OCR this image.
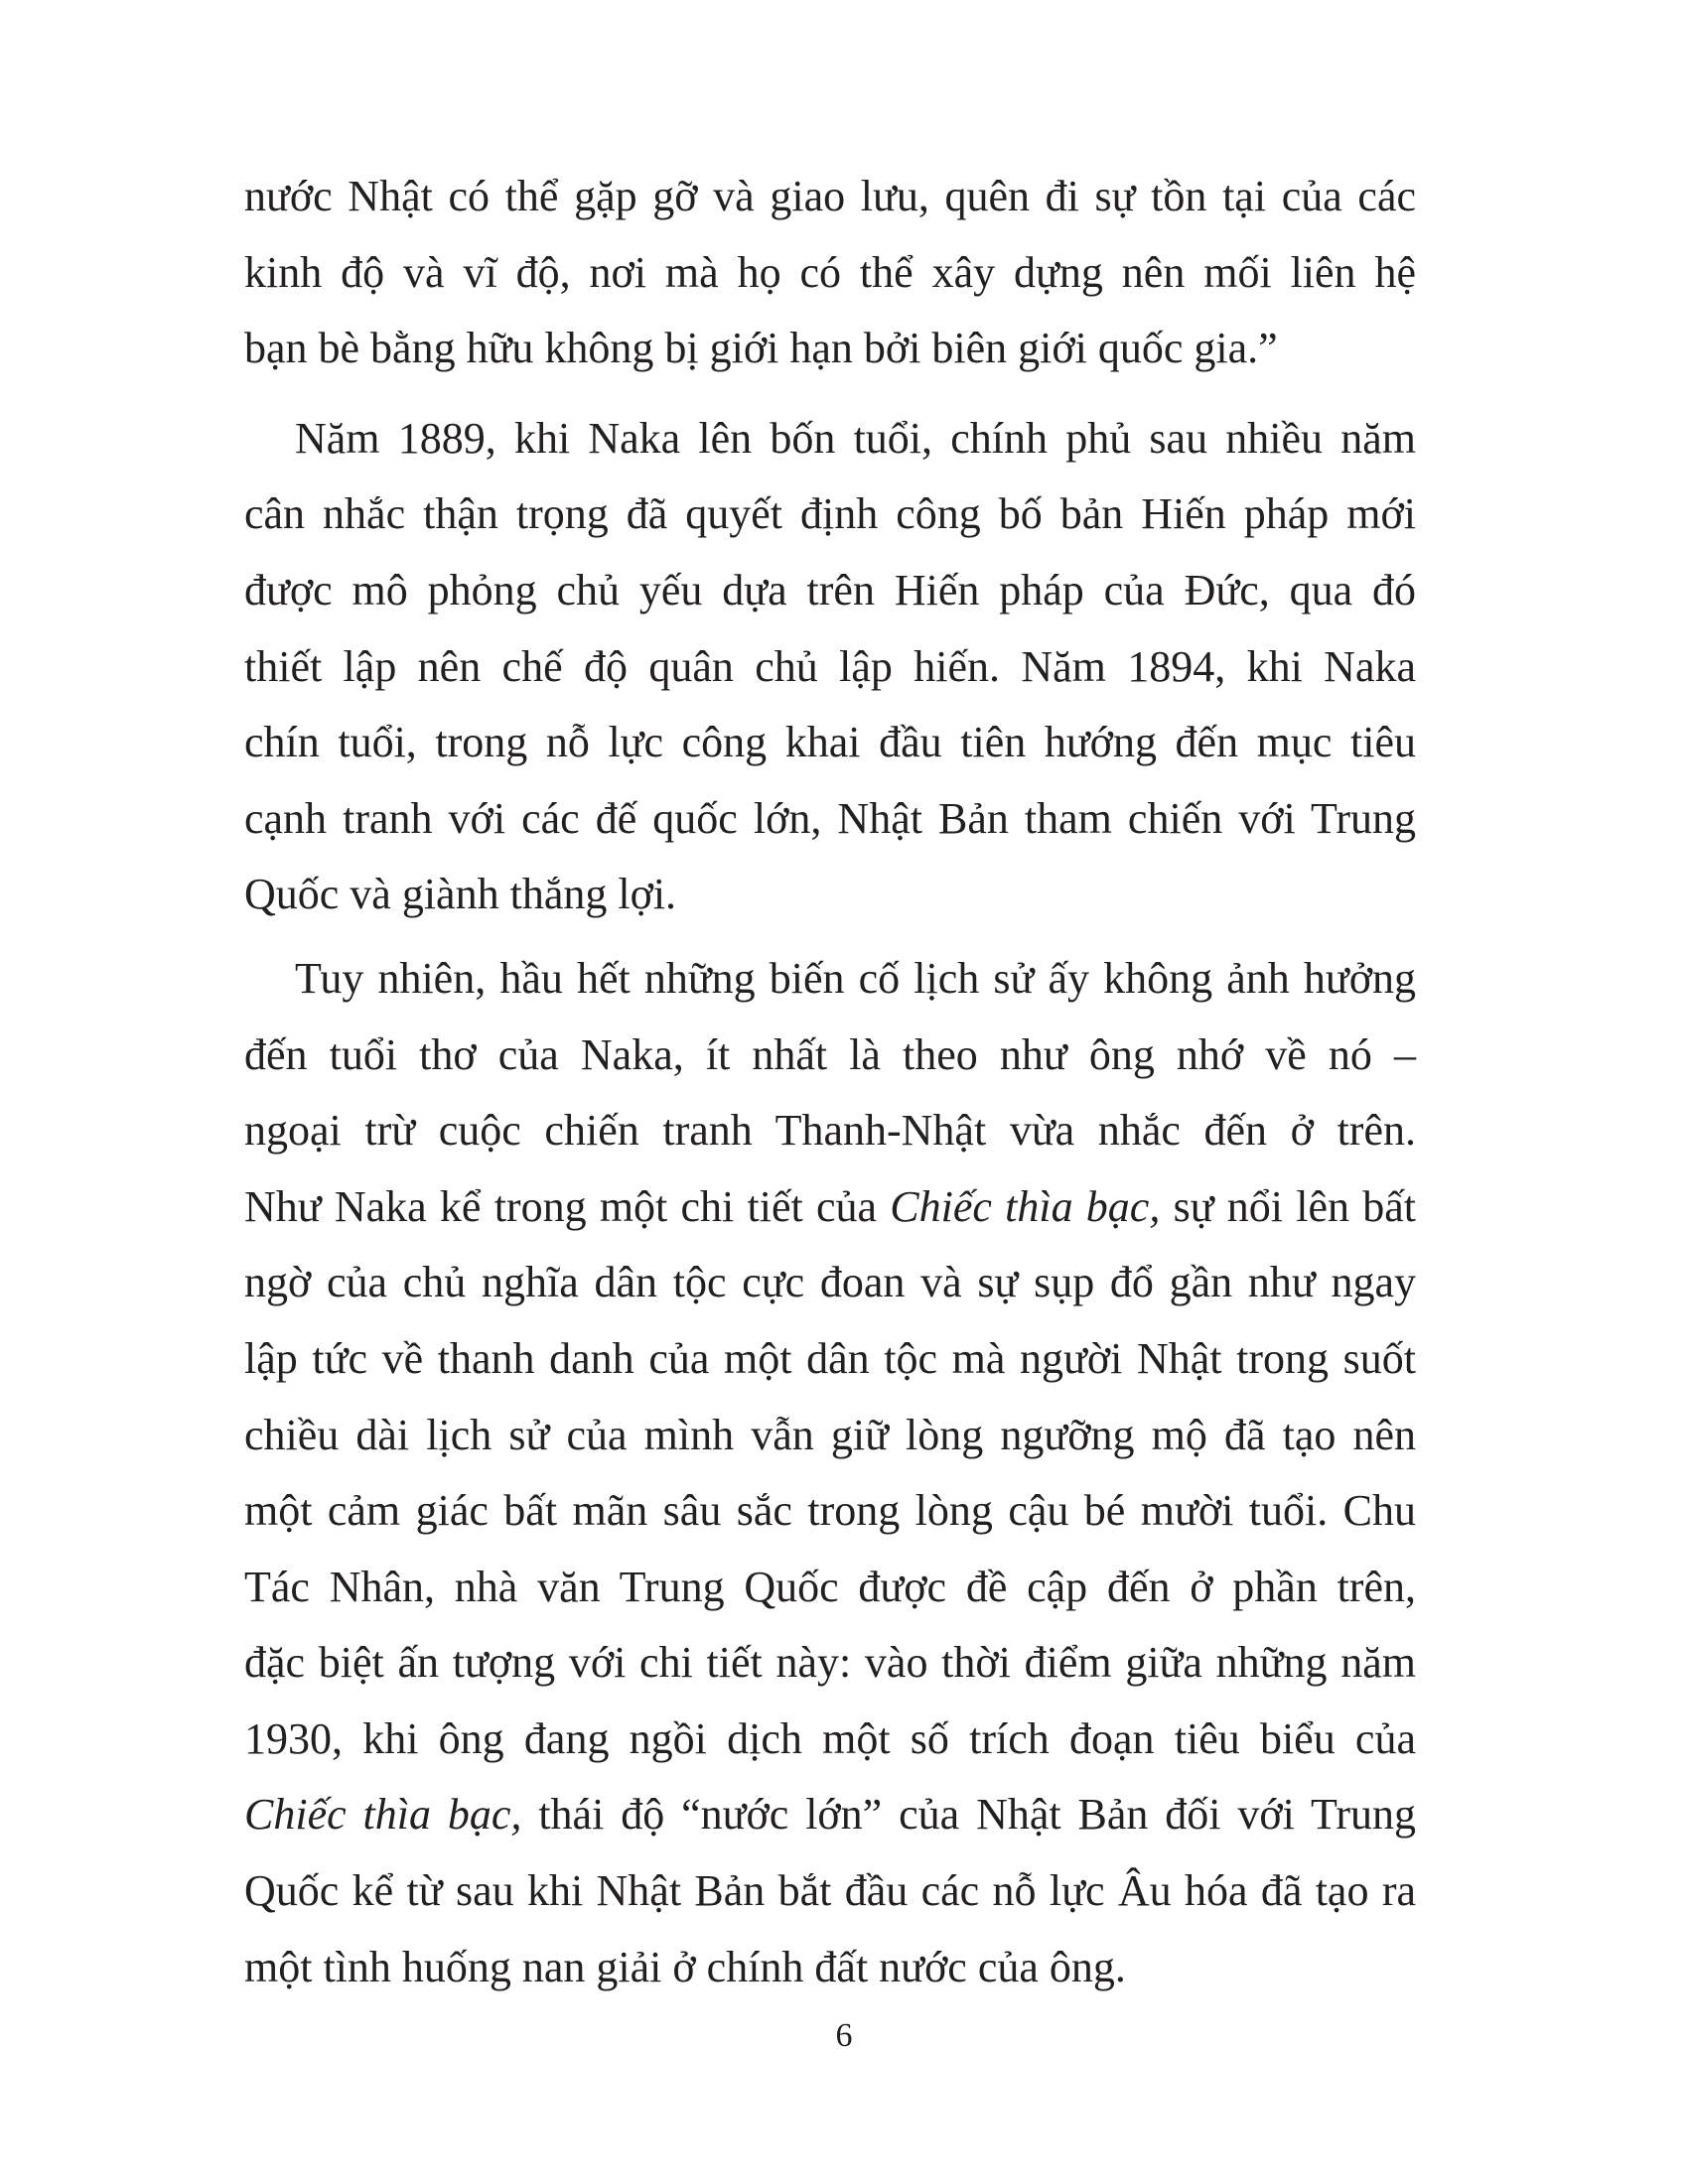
nước Nhật có thể gặp gỡ và giao lưu, quên đi sự tồn tại của các
kinh độ và vĩ độ, nơi mà họ có thể xây dựng nên mối liên hệ
bạn bè bằng hữu không bị giới hạn bởi biên giới quốc gia.”
Năm 1889, khi Naka lên bốn tuổi, chính phủ sau nhiều năm
cân nhắc thận trọng đã quyết định công bố bản Hiến pháp mới
được mô phỏng chủ yếu dựa trên Hiến pháp của Đức, qua đó
thiết lập nên chế độ quân chủ lập hiến. Năm 1894, khi Naka
chín tuổi, trong nỗ lực công khai đầu tiên hướng đến mục tiêu
cạnh tranh với các đế quốc lớn, Nhật Bản tham chiến với Trung
Quốc và giành thắng lợi.
Tuy nhiên, hầu hết những biến cố lịch sử ấy không ảnh hưởng
đến tuổi thơ của Naka, ít nhất là theo như ông nhớ về nó –
ngoại trừ cuộc chiến tranh Thanh-Nhật vừa nhắc đến ở trên.
Như Naka kể trong một chi tiết của Chiếc thìa bạc, sự nổi lên bất
ngờ của chủ nghĩa dân tộc cực đoan và sự sụp đổ gần như ngay
lập tức về thanh danh của một dân tộc mà người Nhật trong suốt
chiều dài lịch sử của mình vẫn giữ lòng ngưỡng mộ đã tạo nên
một cảm giác bất mãn sâu sắc trong lòng cậu bé mười tuổi. Chu
Tác Nhân, nhà văn Trung Quốc được đề cập đến ở phần trên,
đặc biệt ấn tượng với chi tiết này: vào thời điểm giữa những năm
1930, khi ông đang ngồi dịch một số trích đoạn tiêu biểu của
Chiếc thìa bạc, thái độ “nước lớn” của Nhật Bản đối với Trung
Quốc kể từ sau khi Nhật Bản bắt đầu các nỗ lực Âu hóa đã tạo ra
một tình huống nan giải ở chính đất nước của ông.
6
